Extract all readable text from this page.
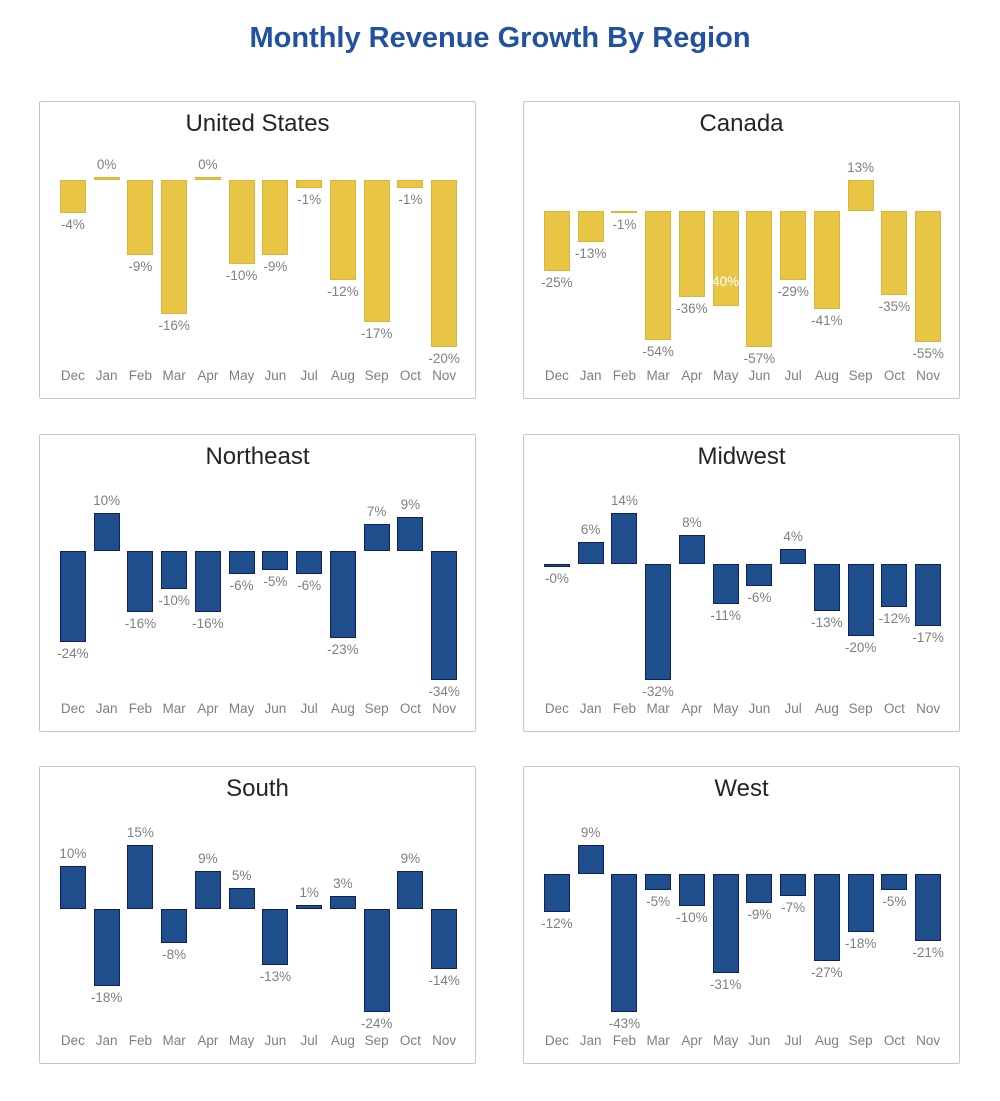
Monthly Revenue Growth By Region
United States
-4%
Dec
0%
Jan
-9%
Feb
-16%
Mar
0%
Apr
-10%
May
-9%
Jun
-1%
Jul
-12%
Aug
-17%
Sep
-1%
Oct
-20%
Nov
Canada
-25%
Dec
-13%
Jan
-1%
Feb
-54%
Mar
-36%
Apr
40%
May
-57%
Jun
-29%
Jul
-41%
Aug
13%
Sep
-35%
Oct
-55%
Nov
Northeast
-24%
Dec
10%
Jan
-16%
Feb
-10%
Mar
-16%
Apr
-6%
May
-5%
Jun
-6%
Jul
-23%
Aug
7%
Sep
9%
Oct
-34%
Nov
Midwest
-0%
Dec
6%
Jan
14%
Feb
-32%
Mar
8%
Apr
-11%
May
-6%
Jun
4%
Jul
-13%
Aug
-20%
Sep
-12%
Oct
-17%
Nov
South
10%
Dec
-18%
Jan
15%
Feb
-8%
Mar
9%
Apr
5%
May
-13%
Jun
1%
Jul
3%
Aug
-24%
Sep
9%
Oct
-14%
Nov
West
-12%
Dec
9%
Jan
-43%
Feb
-5%
Mar
-10%
Apr
-31%
May
-9%
Jun
-7%
Jul
-27%
Aug
-18%
Sep
-5%
Oct
-21%
Nov
